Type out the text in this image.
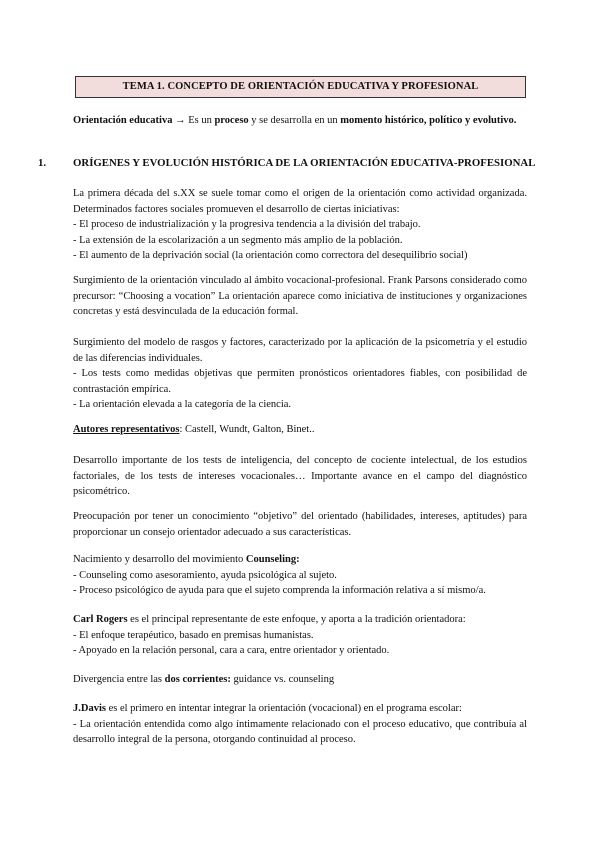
TEMA 1. CONCEPTO DE ORIENTACIÓN EDUCATIVA Y PROFESIONAL

Orientación educativa → Es un proceso y se desarrolla en un momento histórico, político y evolutivo.

1. ORÍGENES Y EVOLUCIÓN HISTÓRICA DE LA ORIENTACIÓN EDUCATIVA-PROFESIONAL

La primera década del s.XX se suele tomar como el origen de la orientación como actividad organizada. Determinados factores sociales promueven el desarrollo de ciertas iniciativas:

- El proceso de industrialización y la progresiva tendencia a la división del trabajo.
- La extensión de la escolarización a un segmento más amplio de la población.
- El aumento de la deprivación social (la orientación como correctora del desequilibrio social)

Surgimiento de la orientación vinculado al ámbito vocacional-profesional. Frank Parsons considerado como precursor: “Choosing a vocation” La orientación aparece como iniciativa de instituciones y organizaciones concretas y está desvinculada de la educación formal.

Surgimiento del modelo de rasgos y factores, caracterizado por la aplicación de la psicometría y el estudio de las diferencias individuales.

- Los tests como medidas objetivas que permiten pronósticos orientadores fiables, con posibilidad de contrastación empírica.
- La orientación elevada a la categoría de la ciencia.

Autores representativos: Castell, Wundt, Galton, Binet..

Desarrollo importante de los tests de inteligencia, del concepto de cociente intelectual, de los estudios factoriales, de los tests de intereses vocacionales… Importante avance en el campo del diagnóstico psicométrico.

Preocupación por tener un conocimiento “objetivo” del orientado (habilidades, intereses, aptitudes) para proporcionar un consejo orientador adecuado a sus características.

Nacimiento y desarrollo del movimiento Counseling:

- Counseling como asesoramiento, ayuda psicológica al sujeto.
- Proceso psicológico de ayuda para que el sujeto comprenda la información relativa a sí mismo/a.

Carl Rogers es el principal representante de este enfoque, y aporta a la tradición orientadora:

- El enfoque terapéutico, basado en premisas humanistas.
- Apoyado en la relación personal, cara a cara, entre orientador y orientado.

Divergencia entre las dos corrientes: guidance vs. counseling

J.Davis es el primero en intentar integrar la orientación (vocacional) en el programa escolar:

- La orientación entendida como algo íntimamente relacionado con el proceso educativo, que contribuía al desarrollo integral de la persona, otorgando continuidad al proceso.
